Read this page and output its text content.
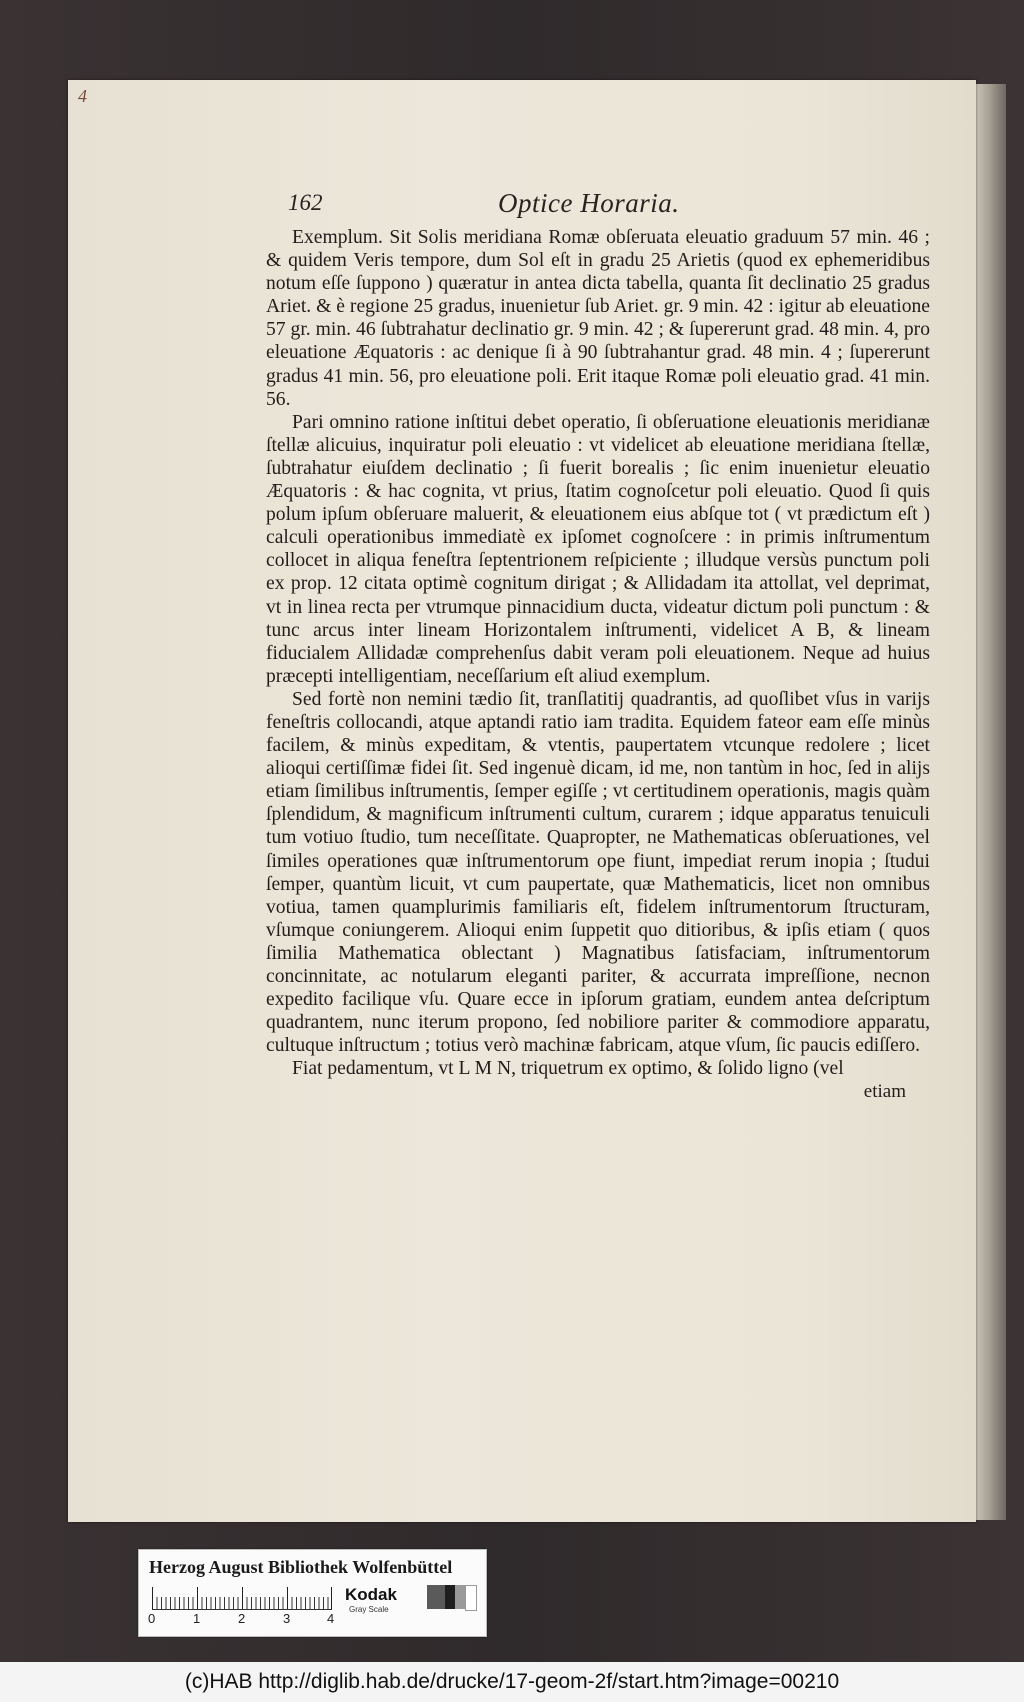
4
162	Optice Horaria.

Exemplum. Sit Solis meridiana Romæ obſeruata eleuatio graduum 57 min. 46 ; & quidem Veris tempore, dum Sol eſt in gradu 25 Arietis (quod ex ephemeridibus notum eſſe ſuppono ) quæratur in antea dicta tabella, quanta ſit declinatio 25 gradus Ariet. & è regione 25 gradus, inuenietur ſub Ariet. gr. 9 min. 42 : igitur ab eleuatione 57 gr. min. 46 ſubtrahatur declinatio gr. 9 min. 42 ; & ſupererunt grad. 48 min. 4, pro eleuatione Æquatoris : ac denique ſi à 90 ſubtrahantur grad. 48 min. 4 ; ſupererunt gradus 41 min. 56, pro eleuatione poli. Erit itaque Romæ poli eleuatio grad. 41 min. 56.

Pari omnino ratione inſtitui debet operatio, ſi obſeruatione eleuationis meridianæ ſtellæ alicuius, inquiratur poli eleuatio : vt videlicet ab eleuatione meridiana ſtellæ, ſubtrahatur eiuſdem declinatio ; ſi fuerit borealis ; ſic enim inuenietur eleuatio Æquatoris : & hac cognita, vt prius, ſtatim cognoſcetur poli eleuatio. Quod ſi quis polum ipſum obſeruare maluerit, & eleuationem eius abſque tot ( vt prædictum eſt ) calculi operationibus immediatè ex ipſomet cognoſcere : in primis inſtrumentum collocet in aliqua feneſtra ſeptentrionem reſpiciente ; illudque versùs punctum poli ex prop. 12 citata optimè cognitum dirigat ; & Allidadam ita attollat, vel deprimat, vt in linea recta per vtrumque pinnacidium ducta, videatur dictum poli punctum : & tunc arcus inter lineam Horizontalem inſtrumenti, videlicet A B, & lineam fiducialem Allidadæ comprehenſus dabit veram poli eleuationem. Neque ad huius præcepti intelligentiam, neceſſarium eſt aliud exemplum.

Sed fortè non nemini tædio ſit, tranſlatitij quadrantis, ad quoſlibet vſus in varijs feneſtris collocandi, atque aptandi ratio iam tradita. Equidem fateor eam eſſe minùs facilem, & minùs expeditam, & vtentis, paupertatem vtcunque redolere ; licet alioqui certiſſimæ fidei ſit. Sed ingenuè dicam, id me, non tantùm in hoc, ſed in alijs etiam ſimilibus inſtrumentis, ſemper egiſſe ; vt certitudinem operationis, magis quàm ſplendidum, & magnificum inſtrumenti cultum, curarem ; idque apparatus tenuiculi tum votiuo ſtudio, tum neceſſitate. Quapropter, ne Mathematicas obſeruationes, vel ſimiles operationes quæ inſtrumentorum ope fiunt, impediat rerum inopia ; ſtudui ſemper, quantùm licuit, vt cum paupertate, quæ Mathematicis, licet non omnibus votiua, tamen quamplurimis familiaris eſt, fidelem inſtrumentorum ſtructuram, vſumque coniungerem. Alioqui enim ſuppetit quo ditioribus, & ipſis etiam ( quos ſimilia Mathematica oblectant ) Magnatibus ſatisfaciam, inſtrumentorum concinnitate, ac notularum eleganti pariter, & accurrata impreſſione, necnon expedito facilique vſu. Quare ecce in ipſorum gratiam, eundem antea deſcriptum quadrantem, nunc iterum propono, ſed nobiliore pariter & commodiore apparatu, cultuque inſtructum ; totius verò machinæ fabricam, atque vſum, ſic paucis ediſſero.

Fiat pedamentum, vt L M N, triquetrum ex optimo, & ſolido ligno (vel

etiam
Herzog August Bibliothek Wolfenbüttel
0	1	2	3	4
Kodak
Gray Scale
(c)HAB http://diglib.hab.de/drucke/17-geom-2f/start.htm?image=00210
